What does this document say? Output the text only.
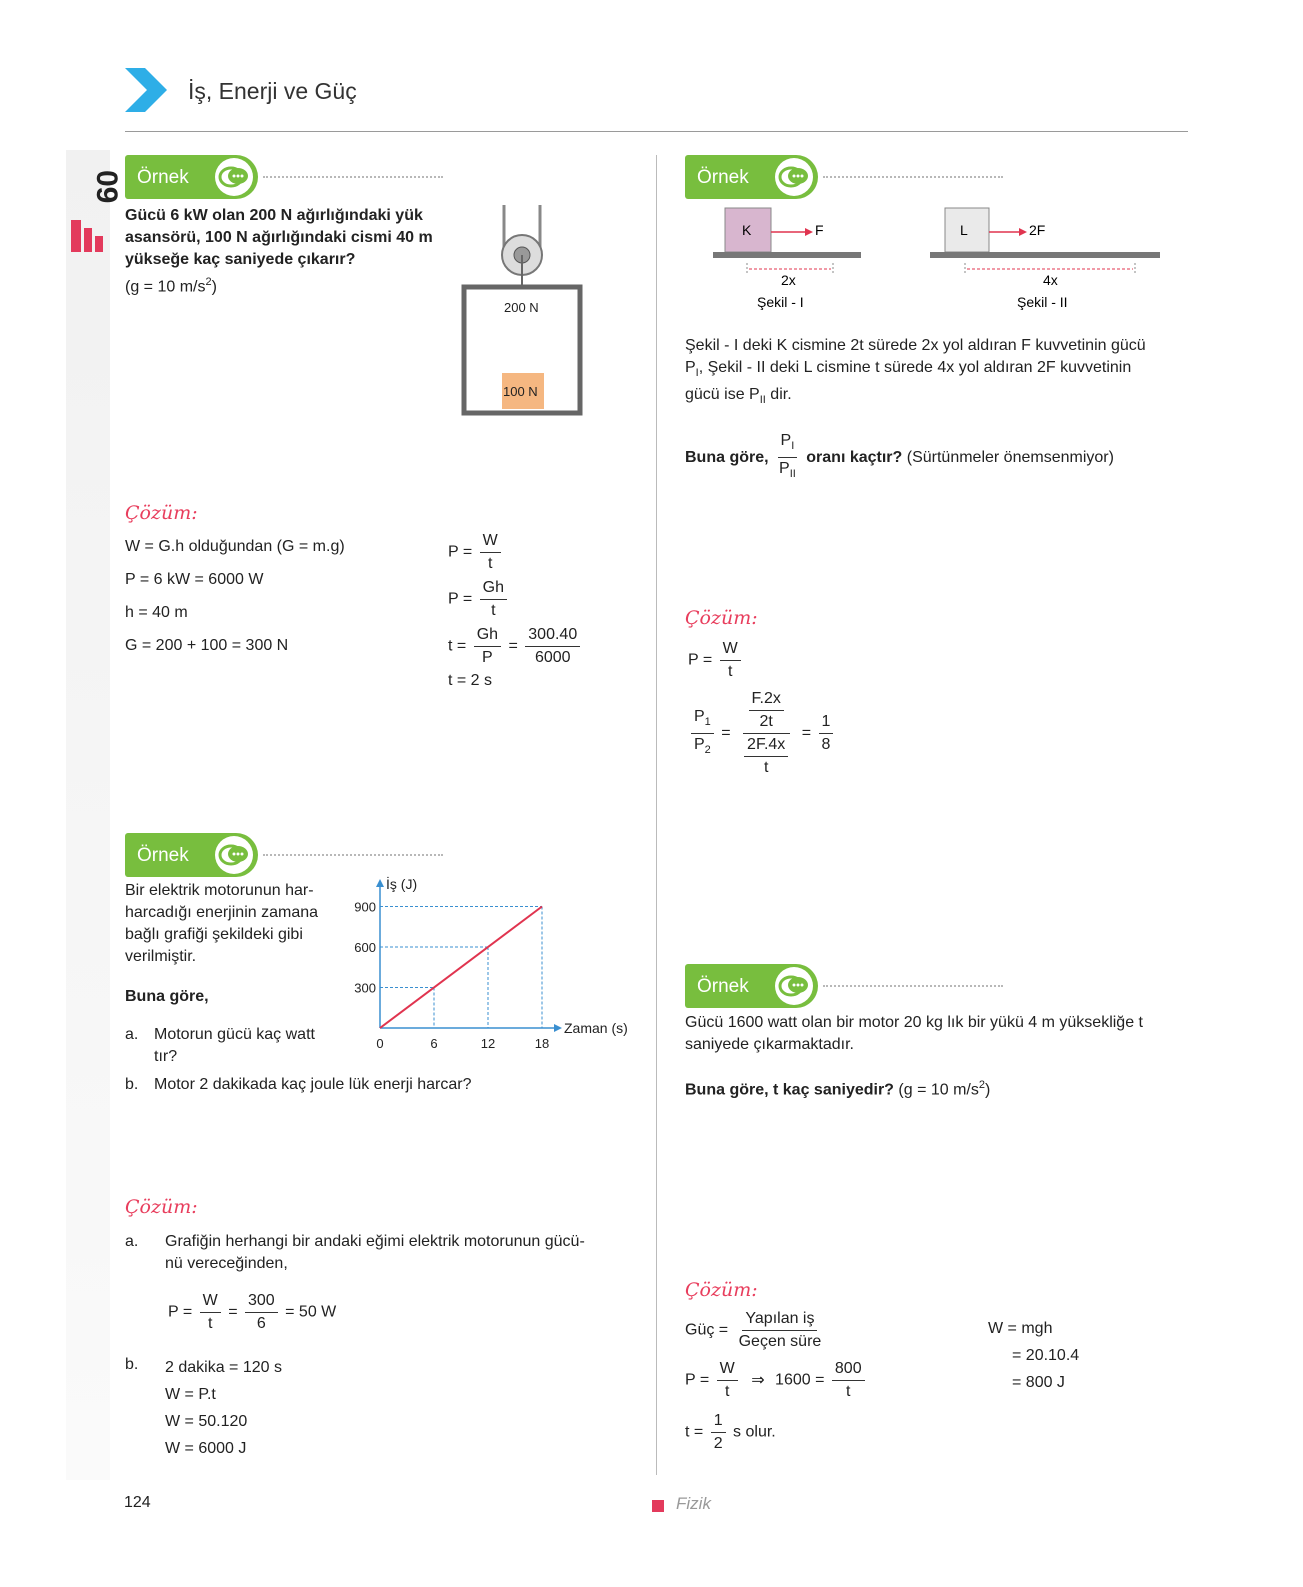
09
İş, Enerji ve Güç
Örnek
Gücü 6 kW olan 200 N ağırlığındaki yük asansörü, 100 N ağırlığındaki cismi 40 m yükseğe kaç saniyede çıkarır?
(g = 10 $m/s^2$)
200 N
100 N
Çözüm:
W = G.h olduğundan (G = m.g)
P = 6 kW = 6000 W
h = 40 m
G = 200 + 100 = 300 N
$P = \frac{W}{t}$
$P = \frac{Gh}{t}$
$t = \frac{Gh}{P} = \frac{300.40}{6000}$
t = 2 s
Örnek
Bir elektrik motorunun har-
harcadığı enerjinin zamana
bağlı grafiği şekildeki gibi
verilmiştir.
Buna göre,
a. Motorun gücü kaç watt
tır?
b. Motor 2 dakikada kaç joule lük enerji harcar?
İş (J)
Zaman (s)
300
600
900
0	6	12	18
Çözüm:
a. Grafiğin herhangi bir andaki eğimi elektrik motorunun gücü-
nü vereceğinden,
$P = \frac{W}{t} = \frac{300}{6} = 50$ W
b. 2 dakika = 120 s
W = P.t
W = 50.120
W = 6000 J
Örnek
K	F
2x
Şekil - I
L	2F
4x
Şekil - II
Şekil - I deki K cismine 2t sürede 2x yol aldıran F kuvvetinin gücü
$P_I$, Şekil - II deki L cismine t sürede 4x yol aldıran 2F kuvvetinin
gücü ise $P_{II}$ dir.
Buna göre, $\frac{P_I}{P_{II}}$ oranı kaçtır? (Sürtünmeler önemsenmiyor)
Çözüm:
$P = \frac{W}{t}$
$\frac{P_1}{P_2} = \frac{\frac{F.2x}{2t}}{\frac{2F.4x}{t}} = \frac{1}{8}$
Örnek
Gücü 1600 watt olan bir motor 20 kg lık bir yükü 4 m yüksekliğe t
saniyede çıkarmaktadır.
Buna göre, t kaç saniyedir? (g = 10 $m/s^2$)
Çözüm:
Güç = $\frac{\text{Yapılan iş}}{\text{Geçen süre}}$
$P = \frac{W}{t}$ ⇒ $1600 = \frac{800}{t}$
$t = \frac{1}{2}$ s olur.
W = mgh
= 20.10.4
= 800 J
124	Fizik
